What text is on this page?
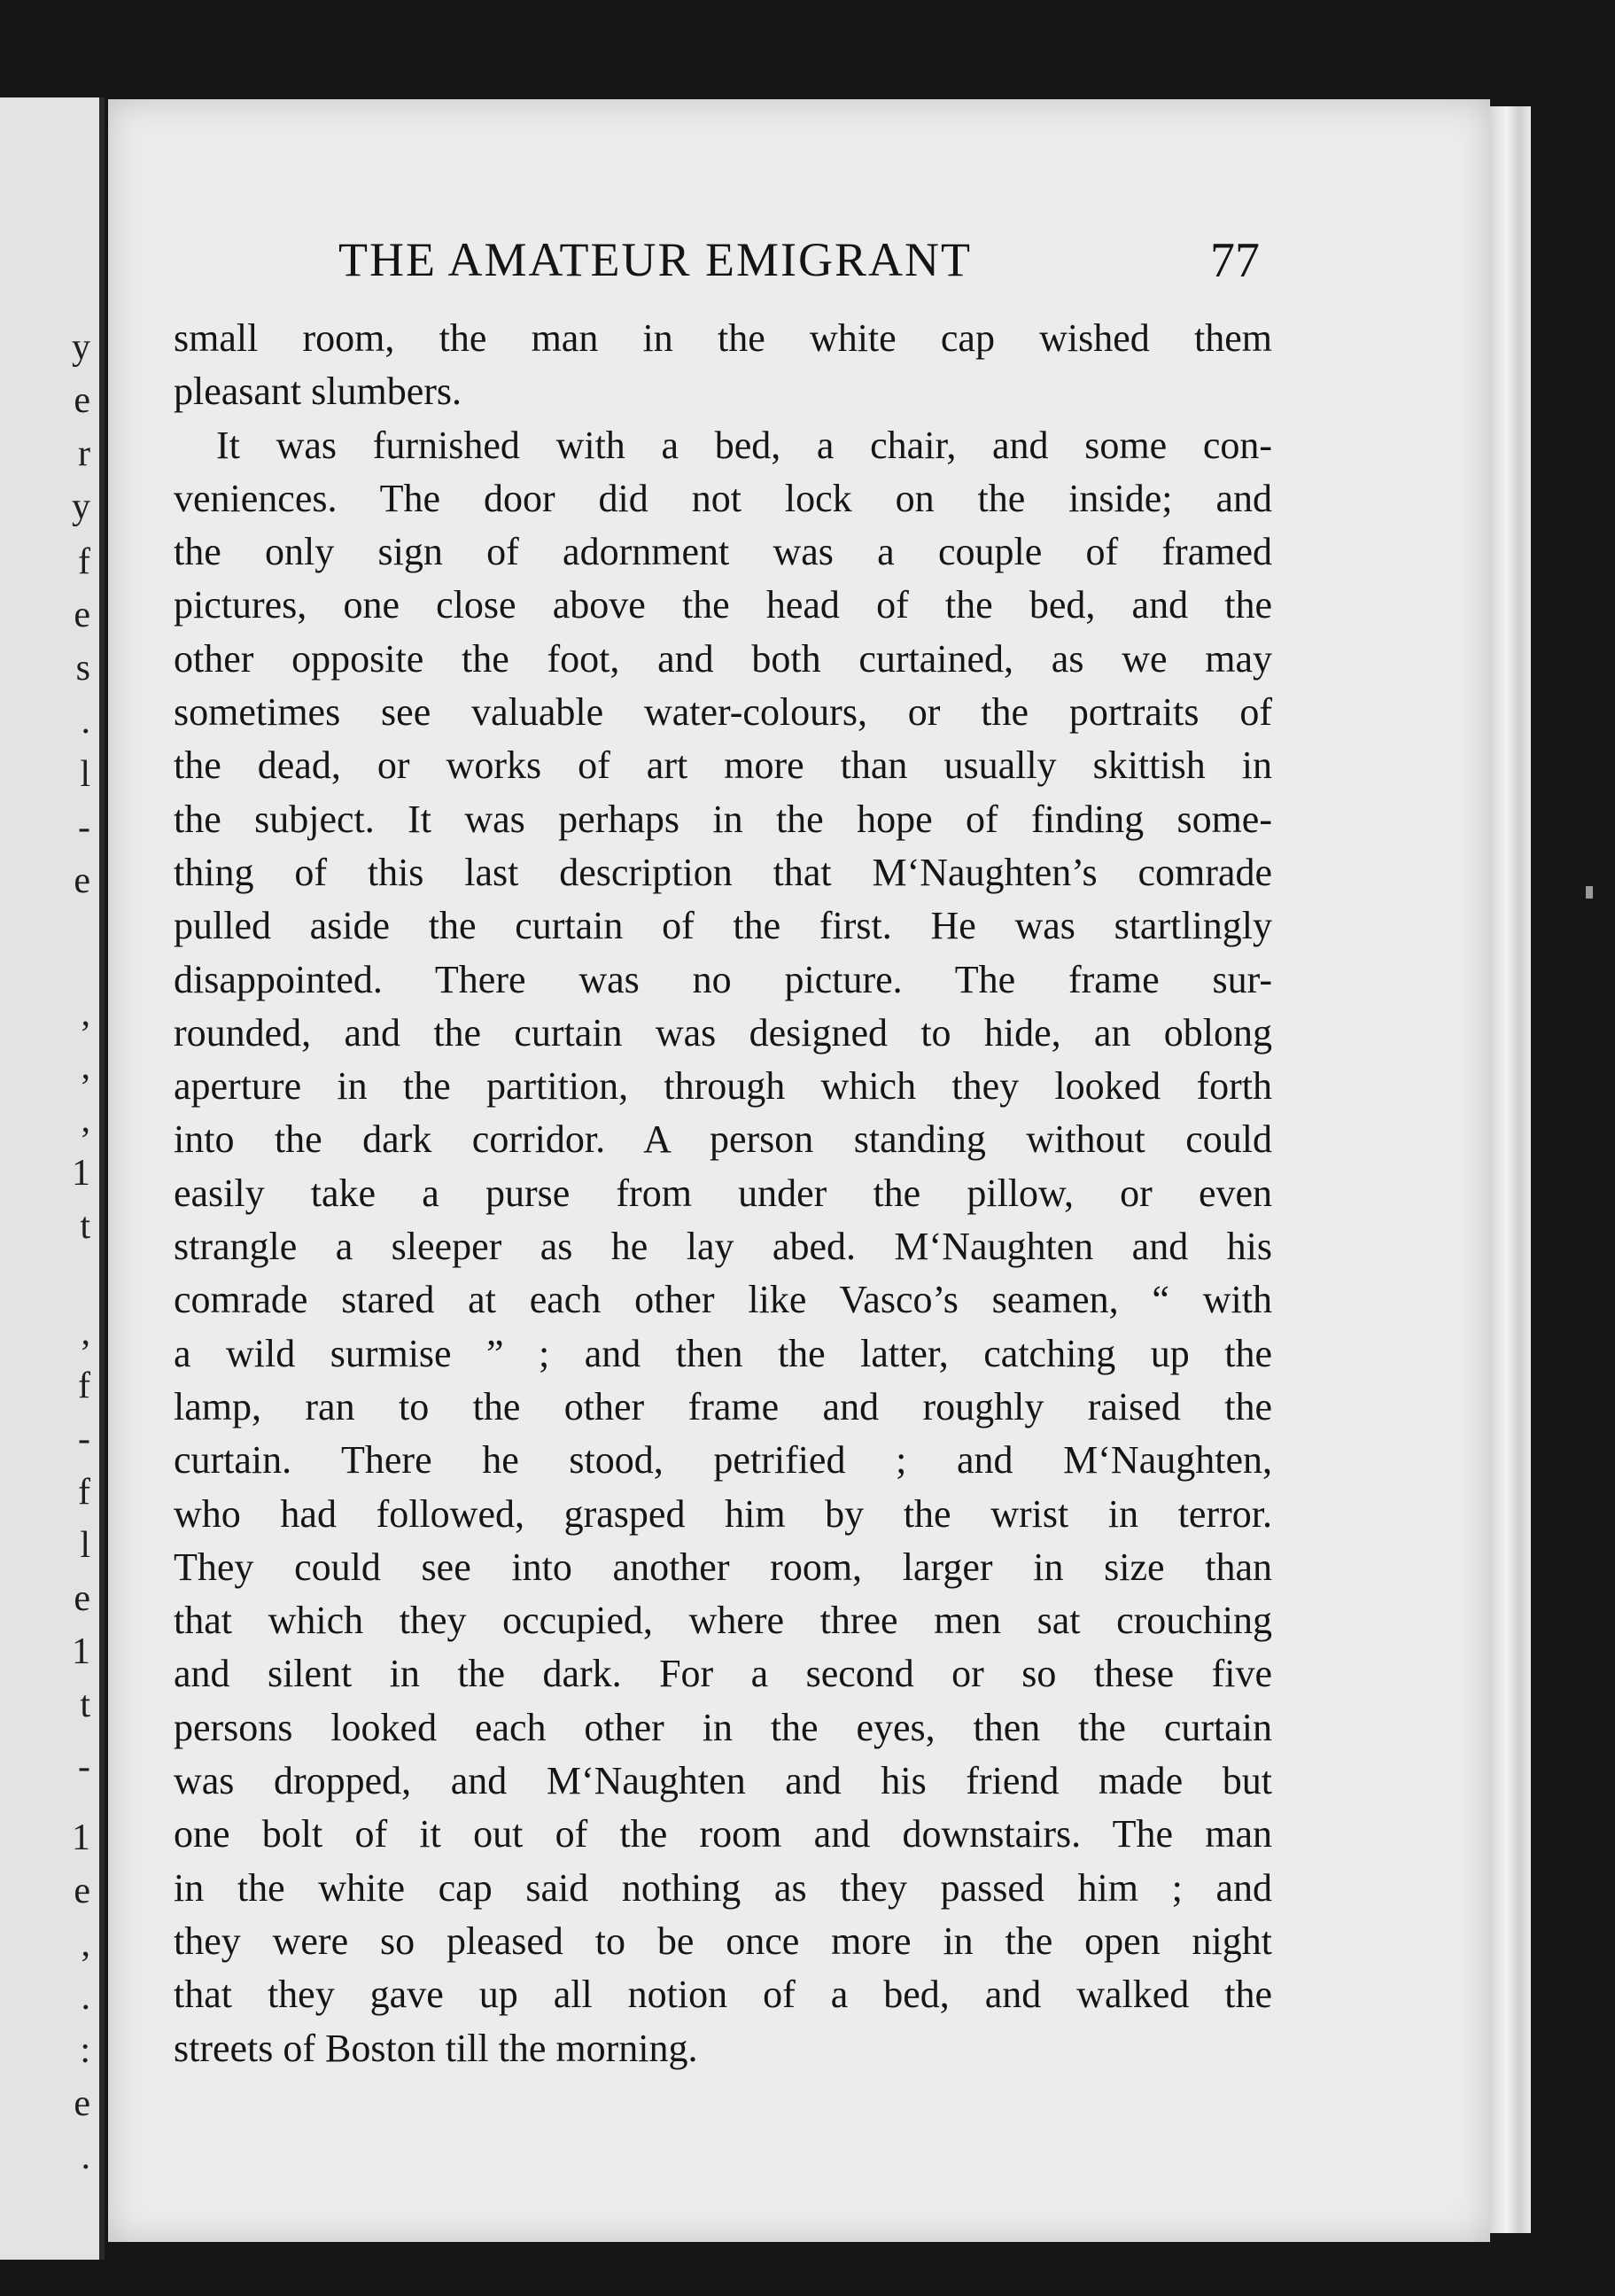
y
e
r
y
f
e
s
.
l
-
e
,
,
,
1
t
,
f
-
f
l
e
1
t
-
1
e
,
.
:
e
.
THE AMATEUR EMIGRANT	77
small room, the man in the white cap wished them
pleasant slumbers.
It was furnished with a bed, a chair, and some con-
veniences. The door did not lock on the inside; and
the only sign of adornment was a couple of framed
pictures, one close above the head of the bed, and the
other opposite the foot, and both curtained, as we may
sometimes see valuable water-colours, or the portraits of
the dead, or works of art more than usually skittish in
the subject. It was perhaps in the hope of finding some-
thing of this last description that M‘Naughten’s comrade
pulled aside the curtain of the first. He was startlingly
disappointed. There was no picture. The frame sur-
rounded, and the curtain was designed to hide, an oblong
aperture in the partition, through which they looked forth
into the dark corridor. A person standing without could
easily take a purse from under the pillow, or even
strangle a sleeper as he lay abed. M‘Naughten and his
comrade stared at each other like Vasco’s seamen, “ with
a wild surmise ” ; and then the latter, catching up the
lamp, ran to the other frame and roughly raised the
curtain. There he stood, petrified ; and M‘Naughten,
who had followed, grasped him by the wrist in terror.
They could see into another room, larger in size than
that which they occupied, where three men sat crouching
and silent in the dark. For a second or so these five
persons looked each other in the eyes, then the curtain
was dropped, and M‘Naughten and his friend made but
one bolt of it out of the room and downstairs. The man
in the white cap said nothing as they passed him ; and
they were so pleased to be once more in the open night
that they gave up all notion of a bed, and walked the
streets of Boston till the morning.
